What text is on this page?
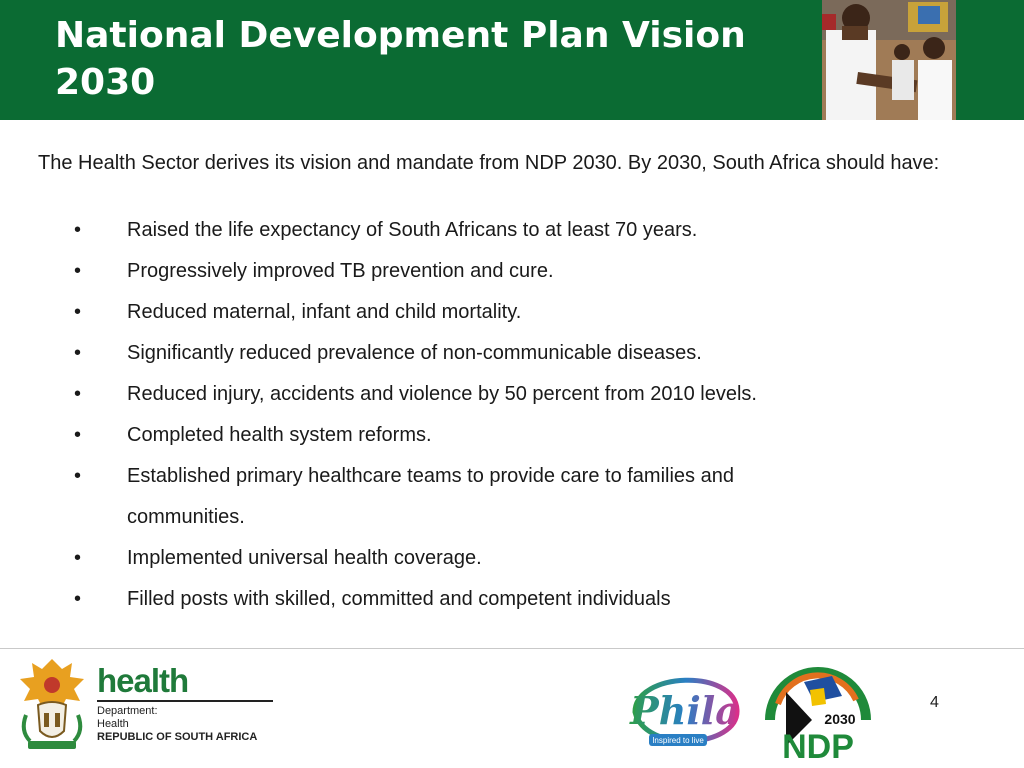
National Development Plan Vision 2030
The Health Sector derives its vision and mandate from NDP 2030. By 2030, South Africa should have:
• Raised the life expectancy of South Africans to at least 70 years.
• Progressively improved TB prevention and cure.
• Reduced maternal, infant and child mortality.
• Significantly reduced prevalence of non-communicable diseases.
• Reduced injury, accidents and violence by 50 percent from 2010 levels.
• Completed health system reforms.
• Established primary healthcare teams to provide care to families and communities.
• Implemented universal health coverage.
• Filled posts with skilled, committed and competent individuals
health
Department:
Health
REPUBLIC OF SOUTH AFRICA
Phila
Inspired to live
2030
NDP
4
